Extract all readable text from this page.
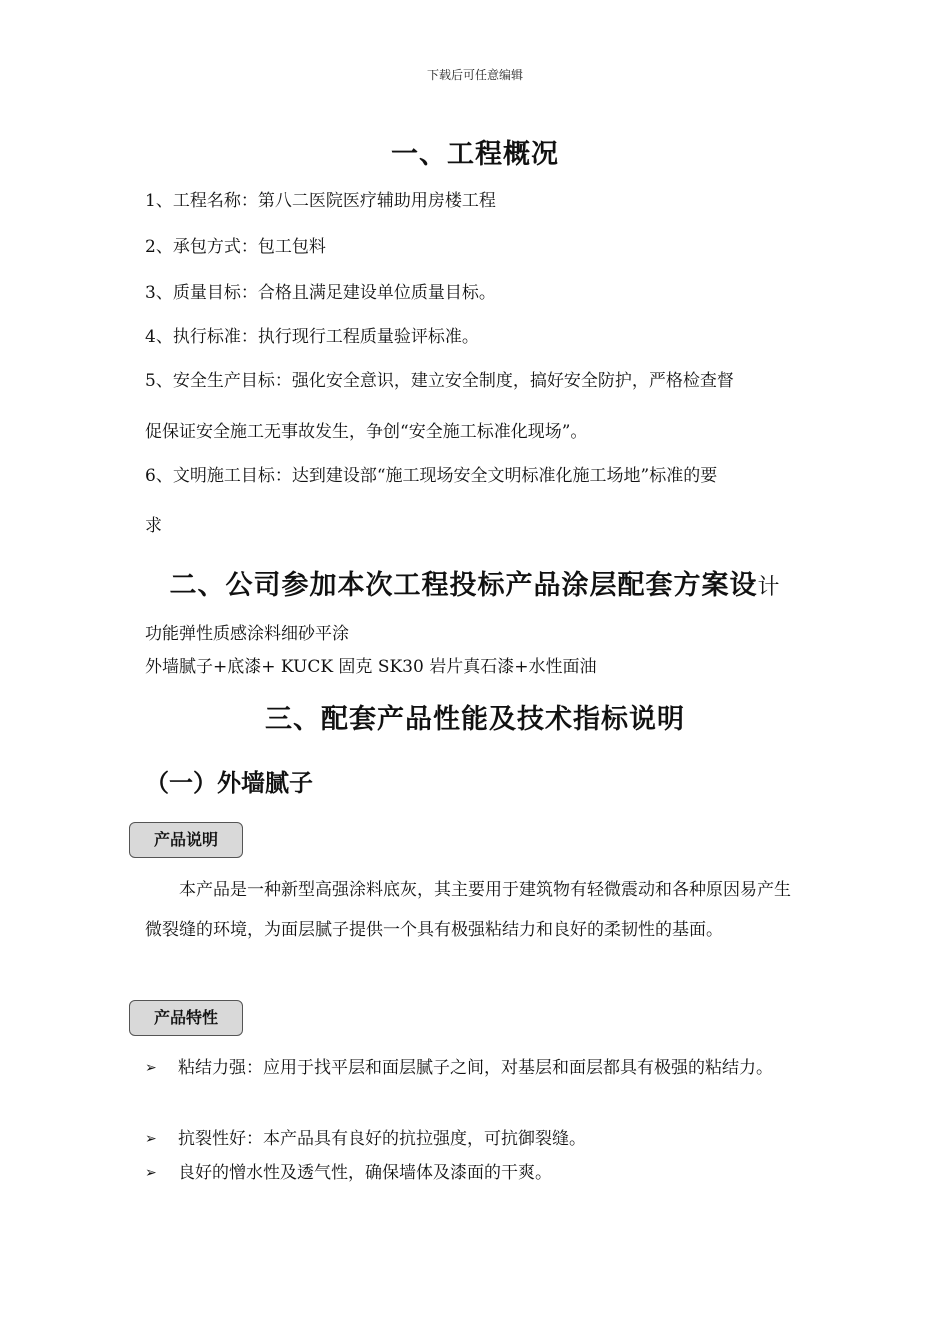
下载后可任意编辑
一、工程概况
1、工程名称：第八二医院医疗辅助用房楼工程
2、承包方式：包工包料
3、质量目标：合格且满足建设单位质量目标。
4、执行标准：执行现行工程质量验评标准。
5、安全生产目标：强化安全意识，建立安全制度，搞好安全防护，严格检查督
促保证安全施工无事故发生，争创“安全施工标准化现场”。
6、文明施工目标：达到建设部“施工现场安全文明标准化施工场地”标准的要
求
二、公司参加本次工程投标产品涂层配套方案设计
功能弹性质感涂料细砂平涂
外墙腻子+底漆+ KUCK 固克 SK30 岩片真石漆+水性面油
三、配套产品性能及技术指标说明
（一）外墙腻子
产品说明
本产品是一种新型高强涂料底灰，其主要用于建筑物有轻微震动和各种原因易产生微裂缝的环境，为面层腻子提供一个具有极强粘结力和良好的柔韧性的基面。
产品特性
➢	粘结力强：应用于找平层和面层腻子之间，对基层和面层都具有极强的粘结力。
➢	抗裂性好：本产品具有良好的抗拉强度，可抗御裂缝。
➢	良好的憎水性及透气性，确保墙体及漆面的干爽。
